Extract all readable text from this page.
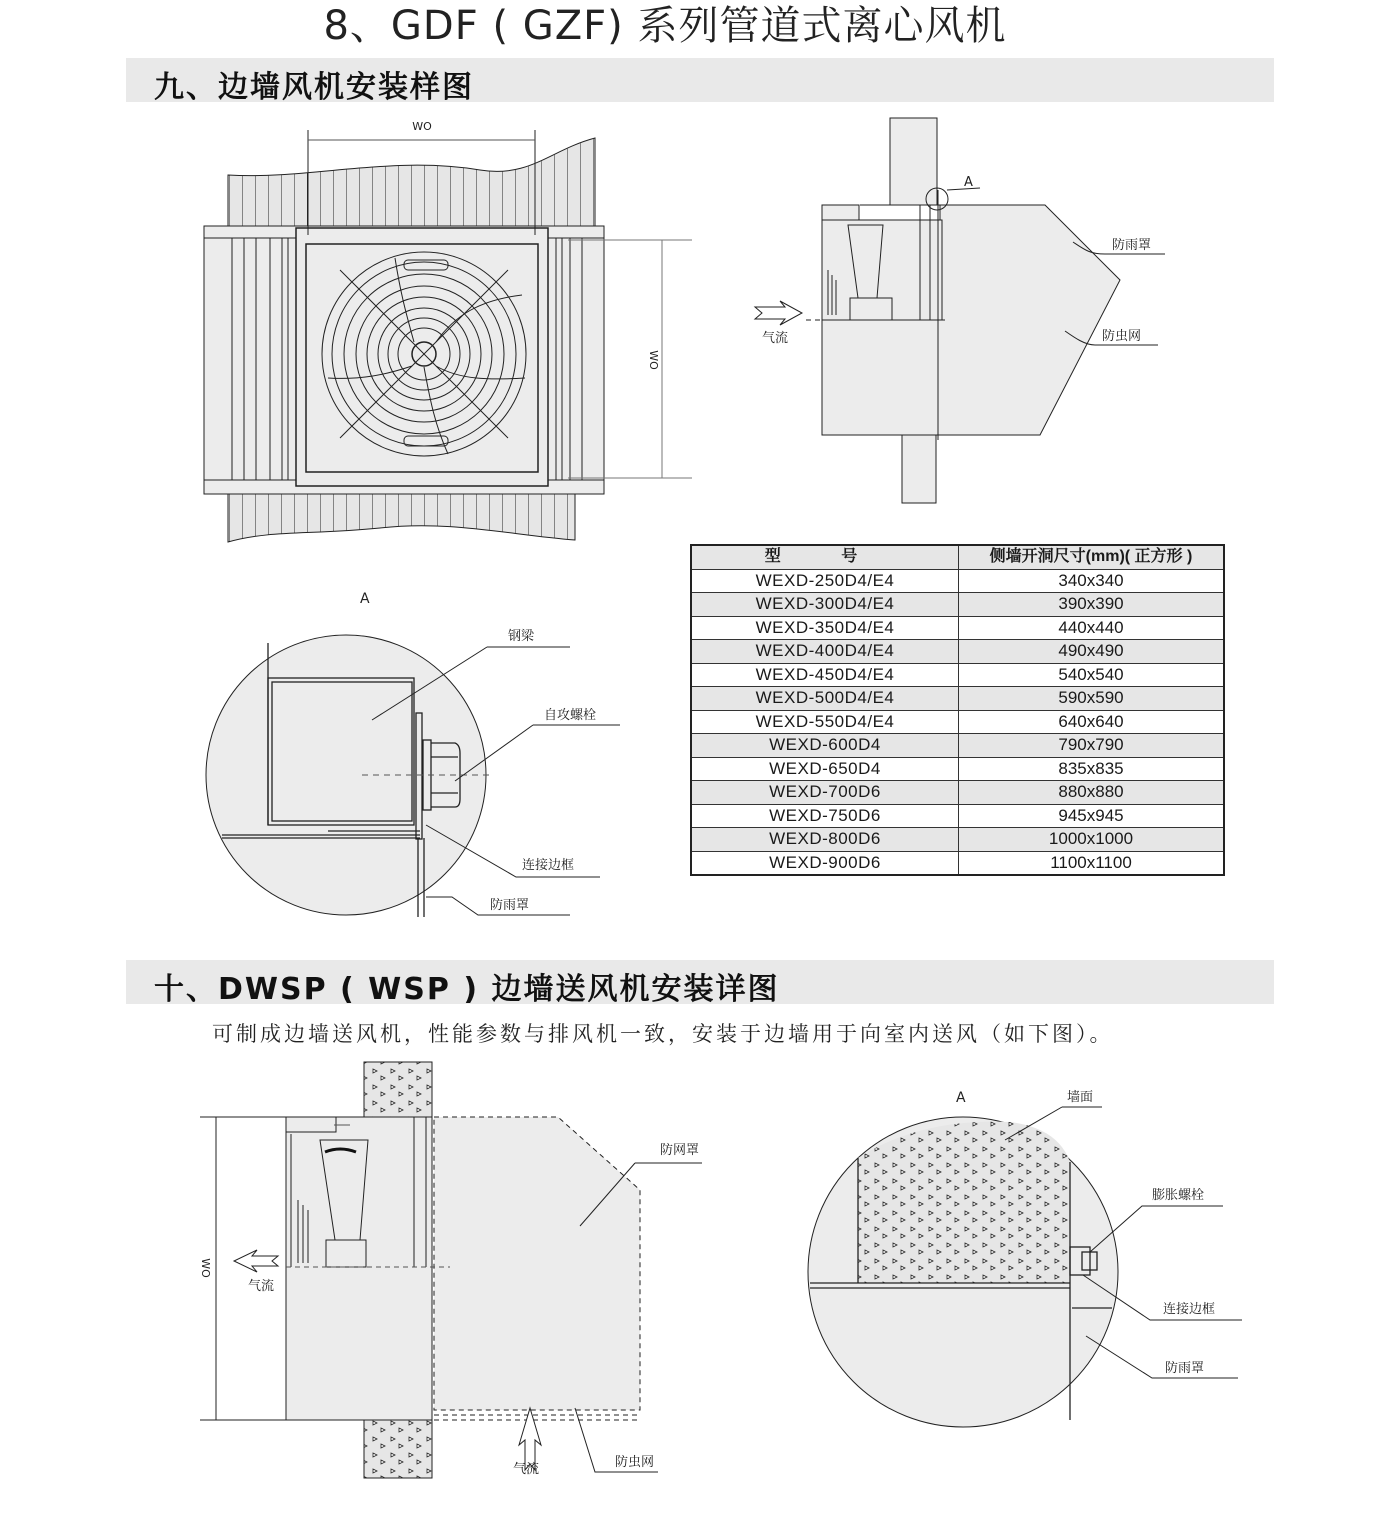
8、GDF ( GZF) 系列管道式离心风机
九、边墙风机安装样图
WO
WO
A
气流
防雨罩
防虫网
A
钢梁
自攻螺栓
连接边框
防雨罩
型 号	侧墙开洞尺寸(mm)( 正方形 )
WEXD-250D4/E4	340x340
WEXD-300D4/E4	390x390
WEXD-350D4/E4	440x440
WEXD-400D4/E4	490x490
WEXD-450D4/E4	540x540
WEXD-500D4/E4	590x590
WEXD-550D4/E4	640x640
WEXD-600D4	790x790
WEXD-650D4	835x835
WEXD-700D6	880x880
WEXD-750D6	945x945
WEXD-800D6	1000x1000
WEXD-900D6	1100x1100
十、DWSP ( WSP ) 边墙送风机安装详图
可制成边墙送风机，性能参数与排风机一致，安装于边墙用于向室内送风（如下图）。
WO
气流
气流
防网罩
防虫网
A	墙面
膨胀螺栓
连接边框
防雨罩
